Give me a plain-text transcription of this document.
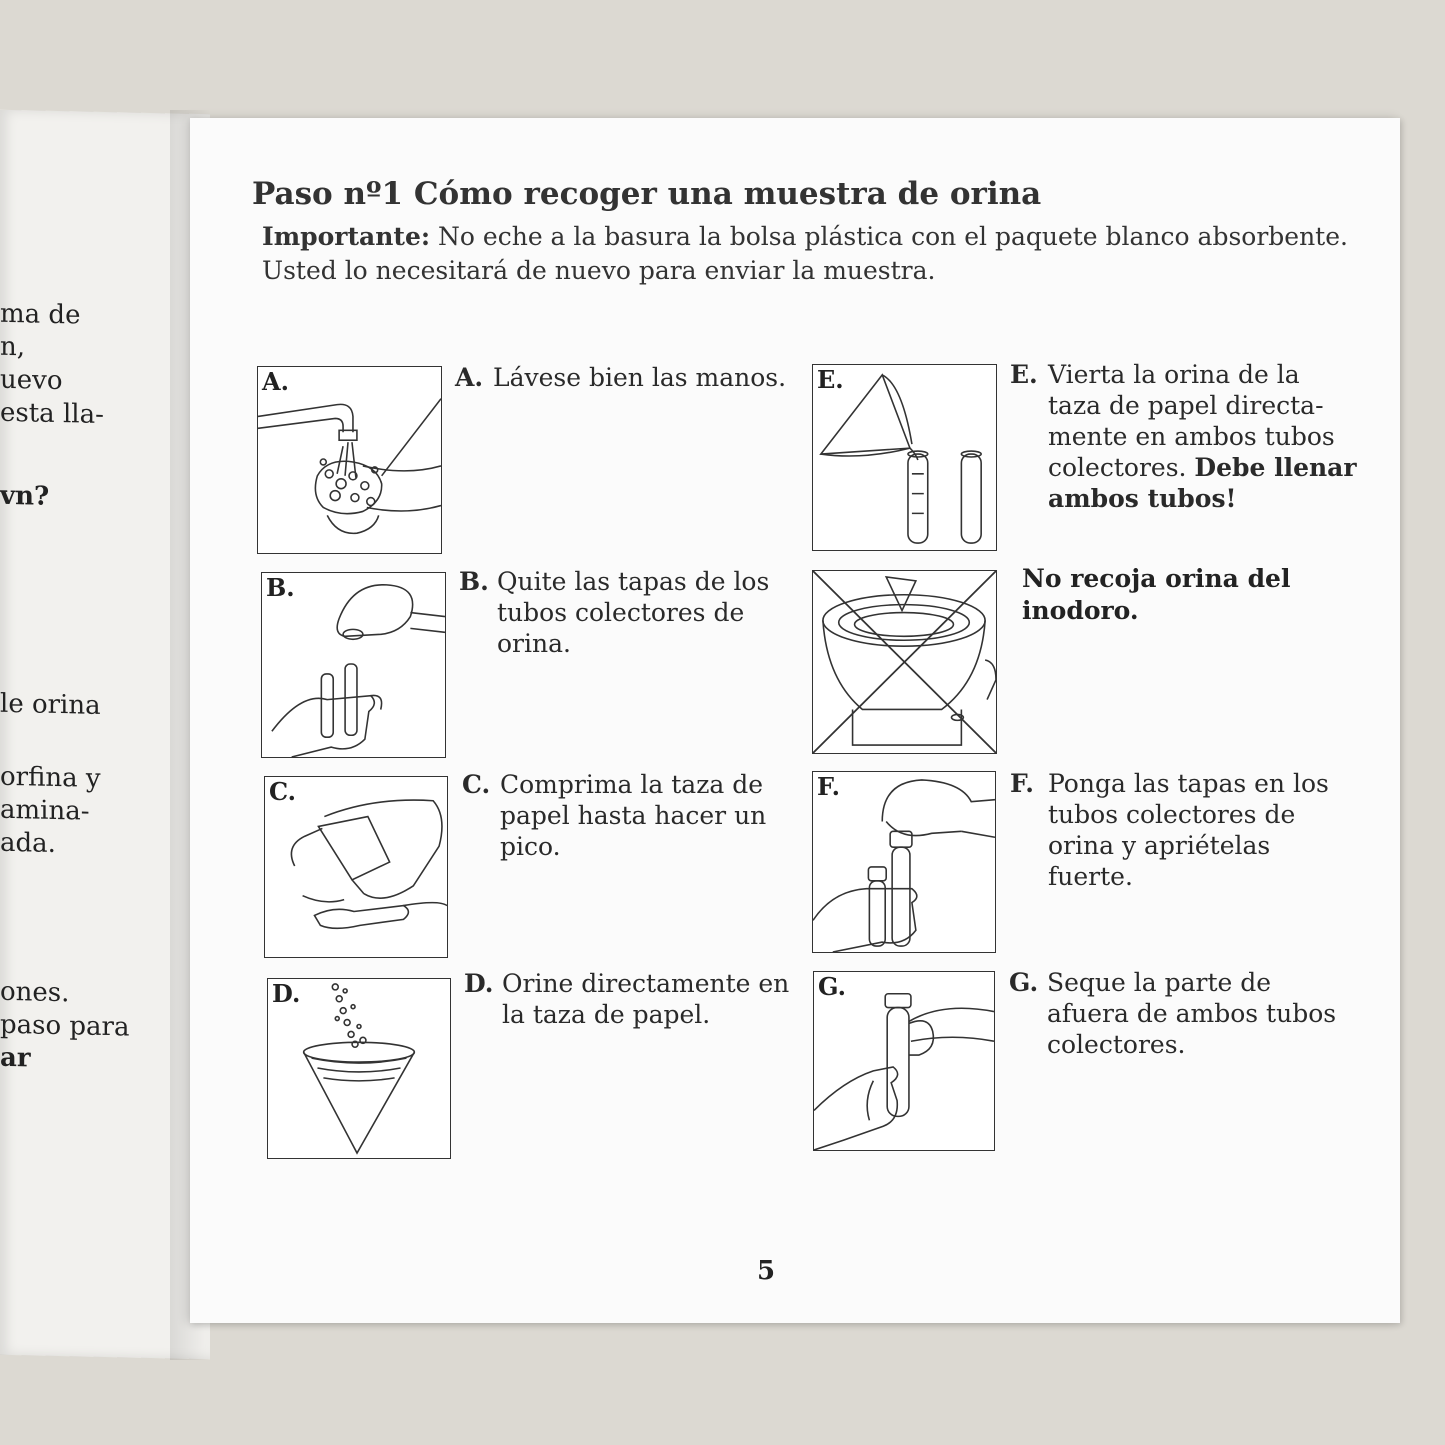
ma de
n,
uevo
esta lla-
vn?
le orina
orfina y
amina-
ada.
ones.
paso para
ar
Paso nº1 Cómo recoger una muestra de orina
Importante: No eche a la basura la bolsa plástica con el paquete blanco absorbente.
Usted lo necesitará de nuevo para enviar la muestra.
A.	A. Lávese bien las manos.
B.	B. Quite las tapas de los
tubos colectores de
orina.
C.	C. Comprima la taza de
papel hasta hacer un
pico.
D.	D. Orine directamente en
la taza de papel.
E.	E. Vierta la orina de la
taza de papel directa-
mente en ambos tubos
colectores. Debe llenar
ambos tubos!
No recoja orina del
inodoro.
F.	F. Ponga las tapas en los
tubos colectores de
orina y apriételas
fuerte.
G.	G. Seque la parte de
afuera de ambos tubos
colectores.
5
